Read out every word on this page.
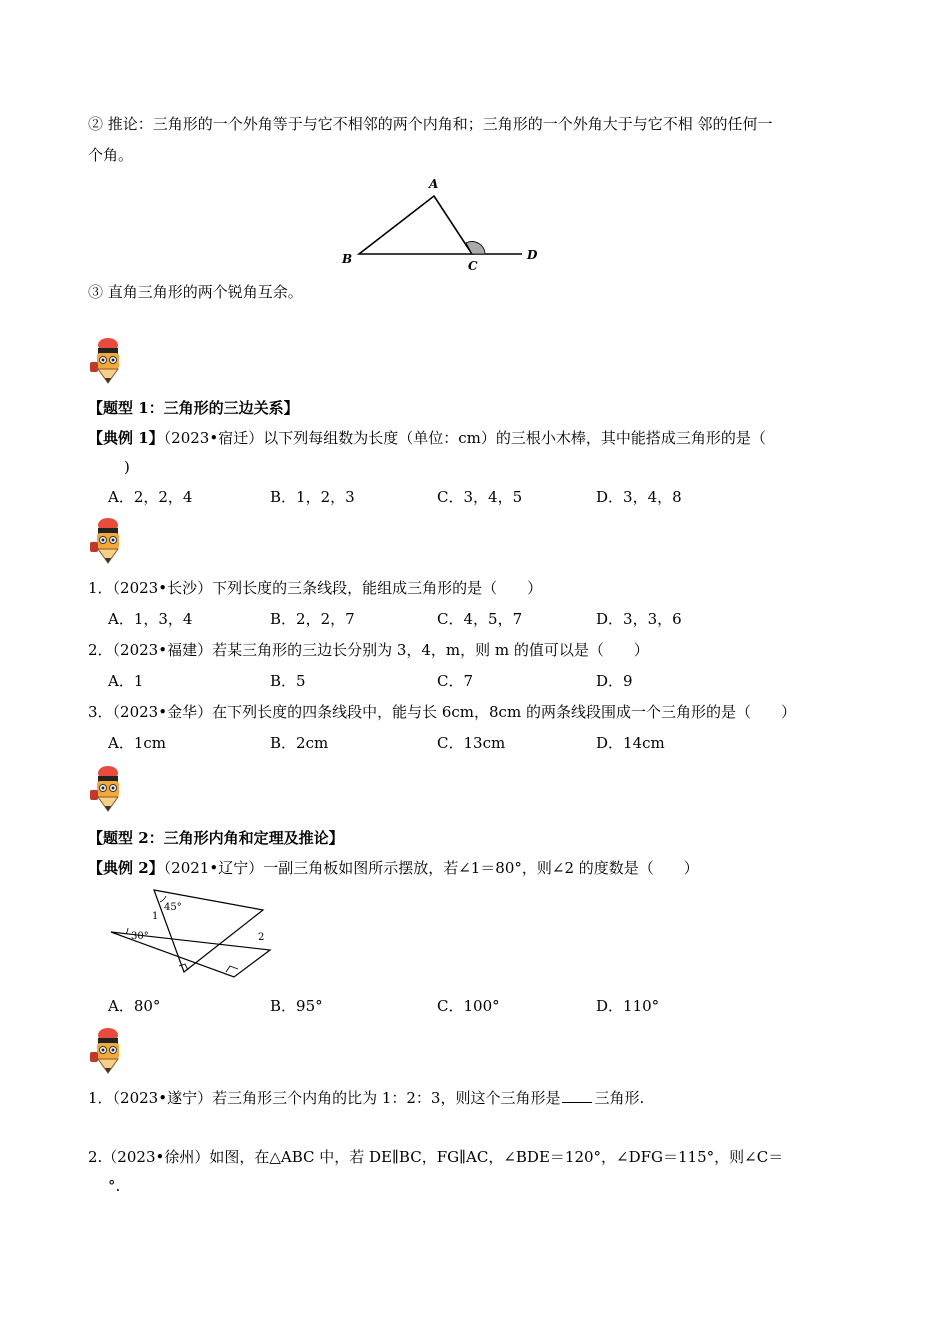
② 推论：三角形的一个外角等于与它不相邻的两个内角和；三角形的一个外角大于与它不相 邻的任何一
个角。
A
B	C
D
③ 直角三角形的两个锐角互余。
【题型 1：三角形的三边关系】
【典例 1】（2023•宿迁）以下列每组数为长度（单位：cm）的三根小木棒，其中能搭成三角形的是（
)
A．2，2，4	B．1，2，3	C．3，4，5	D．3，4，8
1．（2023•长沙）下列长度的三条线段，能组成三角形的是（　　）
A．1，3，4	B．2，2，7	C．4，5，7	D．3，3，6
2．（2023•福建）若某三角形的三边长分别为 3，4，m，则 m 的值可以是（　　）
A．1	B．5	C．7	D．9
3．（2023•金华）在下列长度的四条线段中，能与长 6cm，8cm 的两条线段围成一个三角形的是（　　）
A．1cm	B．2cm	C．13cm	D．14cm
【题型 2：三角形内角和定理及推论】
【典例 2】（2021•辽宁）一副三角板如图所示摆放，若∠1＝80°，则∠2 的度数是（　　）
30°
45°
1
2
A．80°	B．95°	C．100°	D．110°
1．（2023•遂宁）若三角形三个内角的比为 1：2：3，则这个三角形是 三角形.
2.（2023•徐州）如图，在△ABC 中，若 DE∥BC，FG∥AC，∠BDE＝120°，∠DFG＝115°，则∠C＝
°.
